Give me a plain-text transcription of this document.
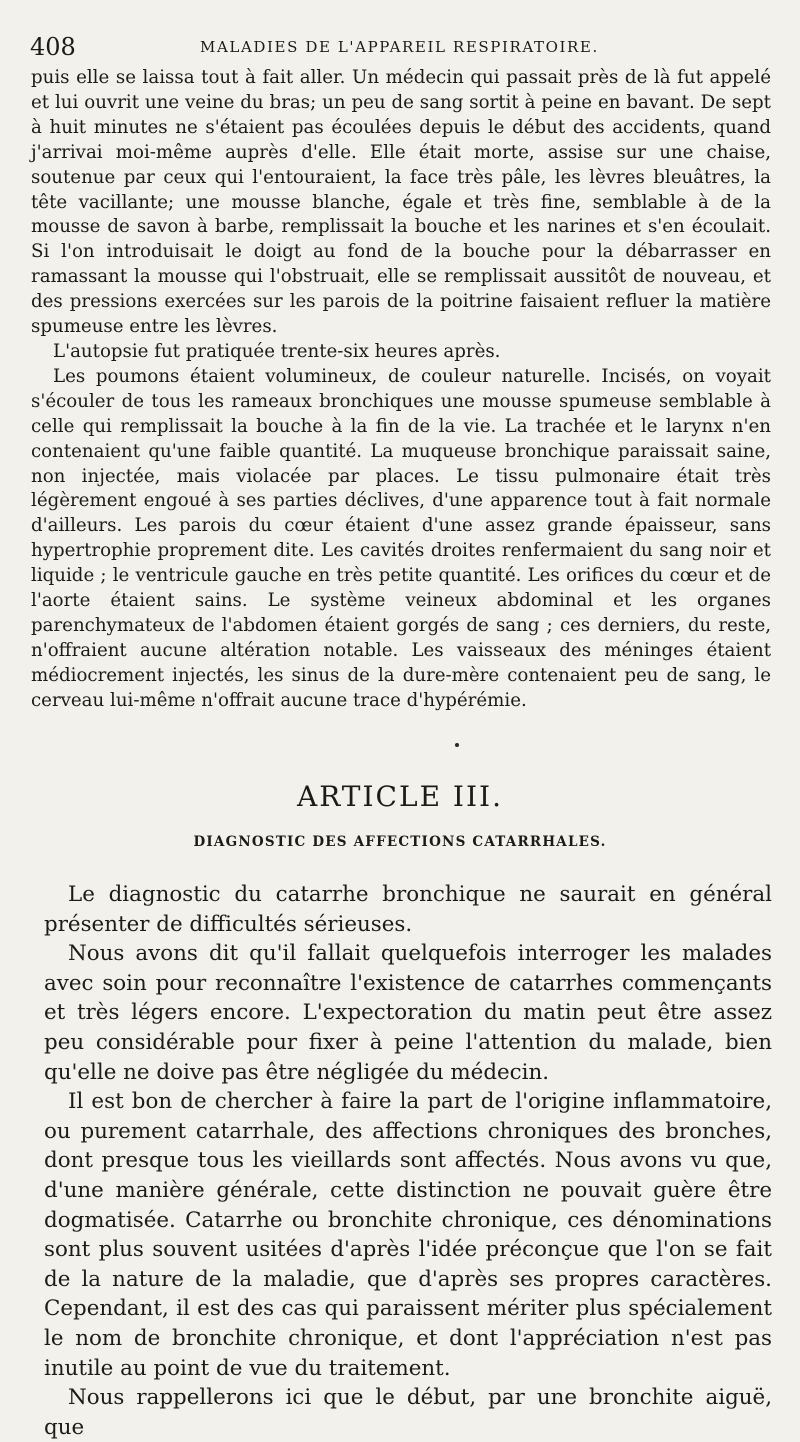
408	MALADIES DE L'APPAREIL RESPIRATOIRE.

puis elle se laissa tout à fait aller. Un médecin qui passait près de là fut appelé et lui ouvrit une veine du bras; un peu de sang sortit à peine en bavant. De sept à huit minutes ne s'étaient pas écoulées depuis le début des accidents, quand j'arrivai moi-même auprès d'elle. Elle était morte, assise sur une chaise, soutenue par ceux qui l'entouraient, la face très pâle, les lèvres bleuâtres, la tête vacillante; une mousse blanche, égale et très fine, semblable à de la mousse de savon à barbe, remplissait la bouche et les narines et s'en écoulait. Si l'on introduisait le doigt au fond de la bouche pour la débarrasser en ramassant la mousse qui l'obstruait, elle se remplissait aussitôt de nouveau, et des pressions exercées sur les parois de la poitrine faisaient refluer la matière spumeuse entre les lèvres.

L'autopsie fut pratiquée trente-six heures après.

Les poumons étaient volumineux, de couleur naturelle. Incisés, on voyait s'écouler de tous les rameaux bronchiques une mousse spumeuse semblable à celle qui remplissait la bouche à la fin de la vie. La trachée et le larynx n'en contenaient qu'une faible quantité. La muqueuse bronchique paraissait saine, non injectée, mais violacée par places. Le tissu pulmonaire était très légèrement engoué à ses parties déclives, d'une apparence tout à fait normale d'ailleurs. Les parois du cœur étaient d'une assez grande épaisseur, sans hypertrophie proprement dite. Les cavités droites renfermaient du sang noir et liquide ; le ventricule gauche en très petite quantité. Les orifices du cœur et de l'aorte étaient sains. Le système veineux abdominal et les organes parenchymateux de l'abdomen étaient gorgés de sang ; ces derniers, du reste, n'offraient aucune altération notable. Les vaisseaux des méninges étaient médiocrement injectés, les sinus de la dure-mère contenaient peu de sang, le cerveau lui-même n'offrait aucune trace d'hypérémie.

ARTICLE III.
DIAGNOSTIC DES AFFECTIONS CATARRHALES.

Le diagnostic du catarrhe bronchique ne saurait en général présenter de difficultés sérieuses.

Nous avons dit qu'il fallait quelquefois interroger les malades avec soin pour reconnaître l'existence de catarrhes commençants et très légers encore. L'expectoration du matin peut être assez peu considérable pour fixer à peine l'attention du malade, bien qu'elle ne doive pas être négligée du médecin.

Il est bon de chercher à faire la part de l'origine inflammatoire, ou purement catarrhale, des affections chroniques des bronches, dont presque tous les vieillards sont affectés. Nous avons vu que, d'une manière générale, cette distinction ne pouvait guère être dogmatisée. Catarrhe ou bronchite chronique, ces dénominations sont plus souvent usitées d'après l'idée préconçue que l'on se fait de la nature de la maladie, que d'après ses propres caractères. Cependant, il est des cas qui paraissent mériter plus spécialement le nom de bronchite chronique, et dont l'appréciation n'est pas inutile au point de vue du traitement.

Nous rappellerons ici que le début, par une bronchite aiguë, que
